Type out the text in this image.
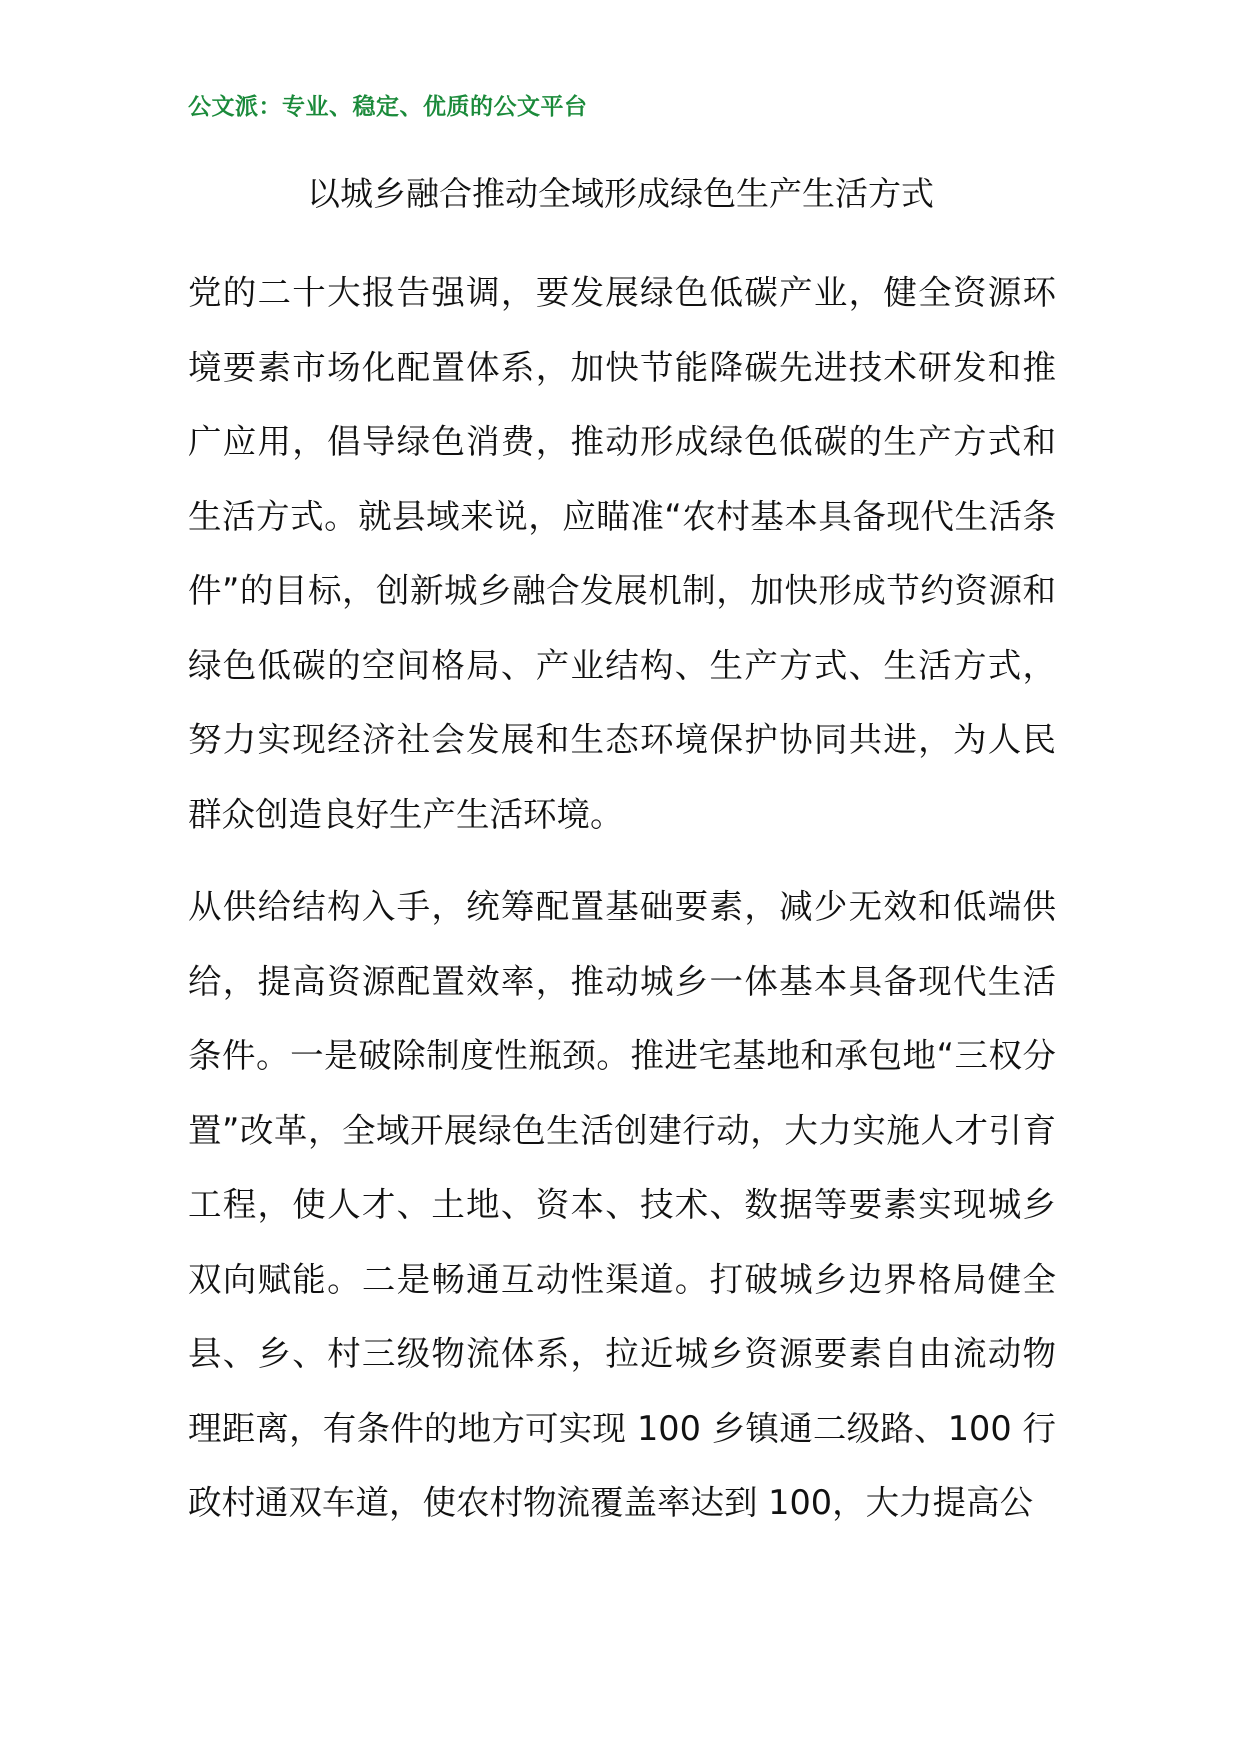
公文派：专业、稳定、优质的公文平台
以城乡融合推动全域形成绿色生产生活方式
党的二十大报告强调，要发展绿色低碳产业，健全资源环境要素市场化配置体系，加快节能降碳先进技术研发和推广应用，倡导绿色消费，推动形成绿色低碳的生产方式和生活方式。就县域来说，应瞄准“农村基本具备现代生活条件”的目标，创新城乡融合发展机制，加快形成节约资源和绿色低碳的空间格局、产业结构、生产方式、生活方式，努力实现经济社会发展和生态环境保护协同共进，为人民群众创造良好生产生活环境。
从供给结构入手，统筹配置基础要素，减少无效和低端供给，提高资源配置效率，推动城乡一体基本具备现代生活条件。一是破除制度性瓶颈。推进宅基地和承包地“三权分置”改革，全域开展绿色生活创建行动，大力实施人才引育工程，使人才、土地、资本、技术、数据等要素实现城乡双向赋能。二是畅通互动性渠道。打破城乡边界格局健全县、乡、村三级物流体系，拉近城乡资源要素自由流动物理距离，有条件的地方可实现 100 乡镇通二级路、100 行政村通双车道，使农村物流覆盖率达到 100，大力提高公
